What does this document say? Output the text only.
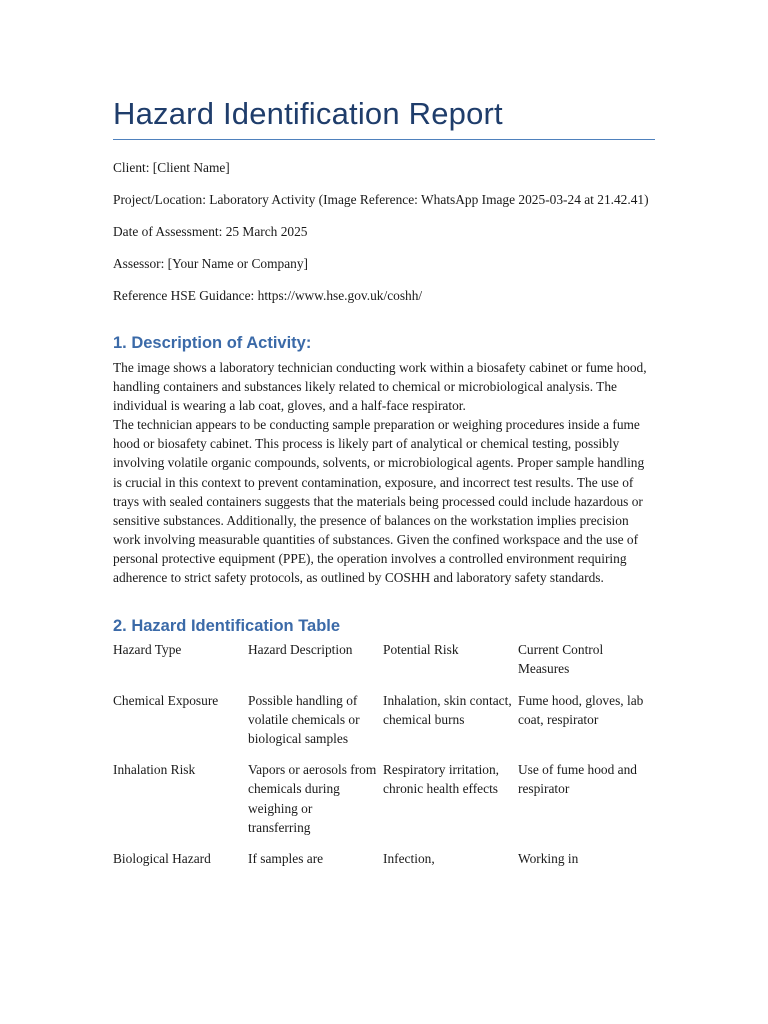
Hazard Identification Report

Client: [Client Name]

Project/Location: Laboratory Activity (Image Reference: WhatsApp Image 2025-03-24 at 21.42.41)

Date of Assessment: 25 March 2025

Assessor: [Your Name or Company]

Reference HSE Guidance: https://www.hse.gov.uk/coshh/

1. Description of Activity:

The image shows a laboratory technician conducting work within a biosafety cabinet or fume hood, handling containers and substances likely related to chemical or microbiological analysis. The individual is wearing a lab coat, gloves, and a half-face respirator.

The technician appears to be conducting sample preparation or weighing procedures inside a fume hood or biosafety cabinet. This process is likely part of analytical or chemical testing, possibly involving volatile organic compounds, solvents, or microbiological agents. Proper sample handling is crucial in this context to prevent contamination, exposure, and incorrect test results. The use of trays with sealed containers suggests that the materials being processed could include hazardous or sensitive substances. Additionally, the presence of balances on the workstation implies precision work involving measurable quantities of substances. Given the confined workspace and the use of personal protective equipment (PPE), the operation involves a controlled environment requiring adherence to strict safety protocols, as outlined by COSHH and laboratory safety standards.

2. Hazard Identification Table
Hazard Type	Hazard Description	Potential Risk	Current Control Measures
Chemical Exposure	Possible handling of volatile chemicals or biological samples	Inhalation, skin contact, chemical burns	Fume hood, gloves, lab coat, respirator
Inhalation Risk	Vapors or aerosols from chemicals during weighing or transferring	Respiratory irritation, chronic health effects	Use of fume hood and respirator
Biological Hazard	If samples are	Infection,	Working in
